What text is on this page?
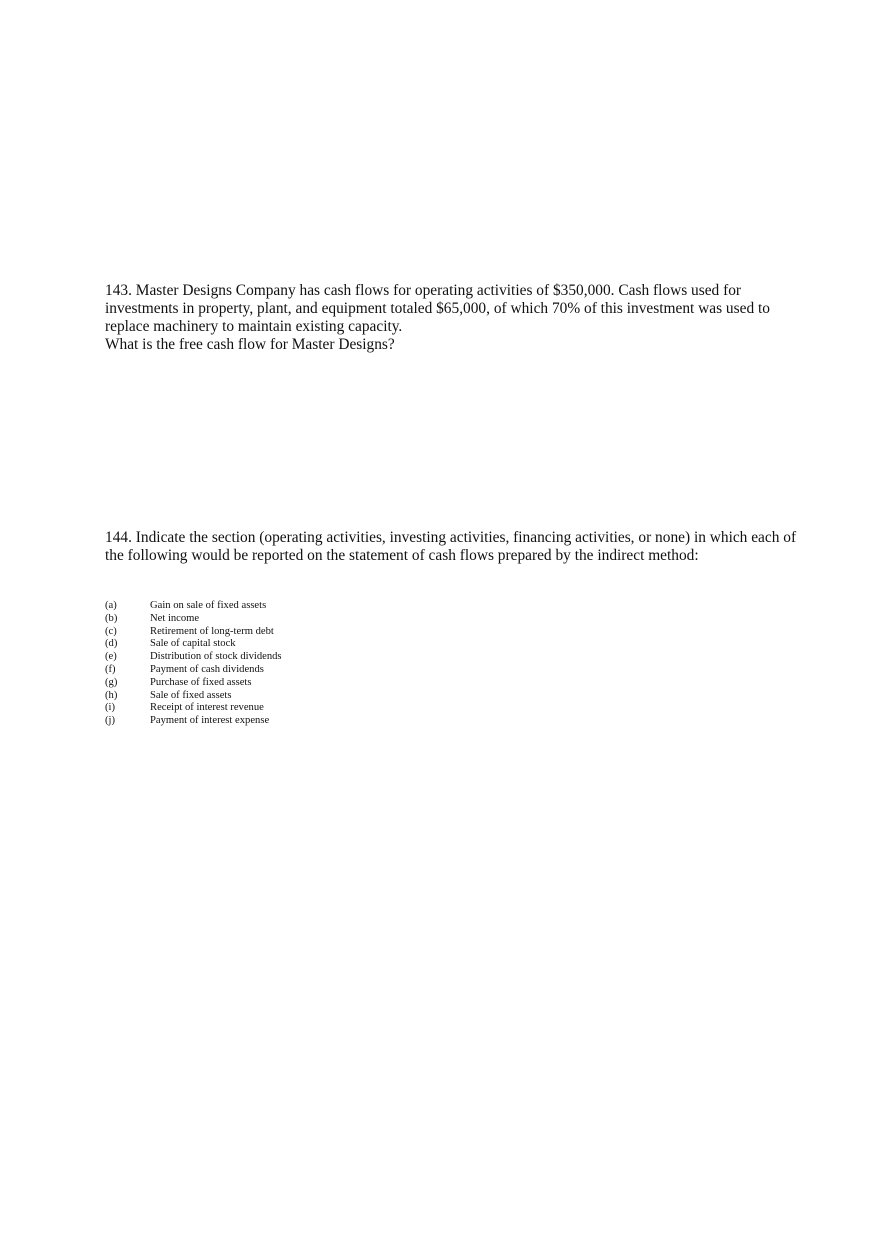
143. Master Designs Company has cash flows for operating activities of $350,000. Cash flows used for
investments in property, plant, and equipment totaled $65,000, of which 70% of this investment was used to
replace machinery to maintain existing capacity.
What is the free cash flow for Master Designs?

144. Indicate the section (operating activities, investing activities, financing activities, or none) in which each of
the following would be reported on the statement of cash flows prepared by the indirect method:

(a)	Gain on sale of fixed assets
(b)	Net income
(c)	Retirement of long-term debt
(d)	Sale of capital stock
(e)	Distribution of stock dividends
(f)	Payment of cash dividends
(g)	Purchase of fixed assets
(h)	Sale of fixed assets
(i)	Receipt of interest revenue
(j)	Payment of interest expense
